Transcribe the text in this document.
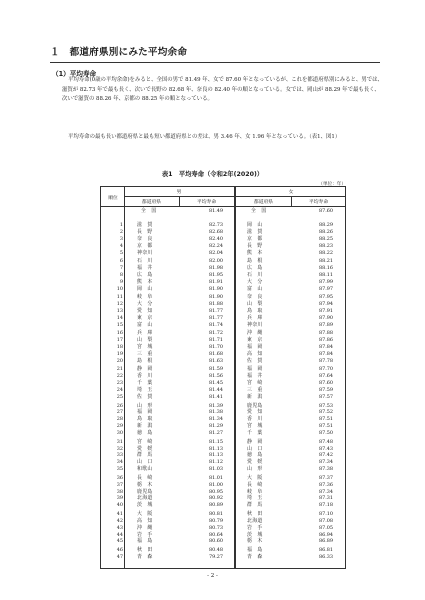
１　都道府県別にみた平均余命
（1）平均寿命

平均寿命(0歳の平均余命)をみると、全国の男で 81.49 年、女で 87.60 年となっているが、これを都道府県別にみると、男では、滋賀が 82.73 年で最も長く、次いで長野の 82.68 年、奈良の 82.40 年の順となっている。女では、岡山が 88.29 年で最も長く、次いで滋賀の 88.26 年、京都の 88.25 年の順となっている。

平均寿命の最も長い都道府県と最も短い都道府県との差は、男 3.46 年、女 1.96 年となっている。（表1、図1）

表1　平均寿命（令和2年(2020)）
（単位：年）
順位
男	女
都道府県	平均寿命	都道府県	平均寿命
全　国	81.49	全　国	87.60
1	滋　賀	82.73	岡　山	88.29
2	長　野	82.68	滋　賀	88.26
3	奈　良	82.40	京　都	88.25
4	京　都	82.24	長　野	88.23
5	神奈川	82.04	熊　本	88.22
6	石　川	82.00	島　根	88.21
7	福　井	81.98	広　島	88.16
8	広　島	81.95	石　川	88.11
9	熊　本	81.91	大　分	87.99
10	岡　山	81.90	富　山	87.97
11	岐　阜	81.90	奈　良	87.95
12	大　分	81.88	山　梨	87.94
13	愛　知	81.77	鳥　取	87.91
14	東　京	81.77	兵　庫	87.90
15	富　山	81.74	神奈川	87.89
16	兵　庫	81.72	沖　縄	87.88
17	山　梨	81.71	東　京	87.86
18	宮　城	81.70	福　岡	87.84
19	三　重	81.68	高　知	87.84
20	島　根	81.63	佐　賀	87.78
21	静　岡	81.59	福　岡	87.70
22	香　川	81.56	福　井	87.64
23	千　葉	81.45	宮　崎	87.60
24	埼　玉	81.44	三　重	87.59
25	佐　賀	81.41	新　潟	87.57
26	山　形	81.39	鹿児島	87.53
27	福　岡	81.38	愛　知	87.52
28	鳥　取	81.34	香　川	87.51
29	新　潟	81.29	宮　城	87.51
30	徳　島	81.27	千　葉	87.50
31	宮　崎	81.15	静　岡	87.48
32	愛　媛	81.13	山　口	87.43
33	群　馬	81.13	徳　島	87.42
34	山　口	81.12	愛　媛	87.34
35	和歌山	81.03	山　形	87.38
36	長　崎	81.01	大　阪	87.37
37	栃　木	81.00	長　崎	87.36
38	鹿児島	80.95	岐　阜	87.34
39	北海道	80.92	埼　玉	87.31
40	茨　城	80.89	群　馬	87.18
41	大　阪	80.81	秋　田	87.10
42	高　知	80.79	北海道	87.08
43	沖　縄	80.73	岩　手	87.05
44	岩　手	80.64	茨　城	86.94
45	福　島	80.60	栃　木	86.89
46	秋　田	80.48	福　島	86.81
47	青　森	79.27	青　森	86.33
- 2 -
